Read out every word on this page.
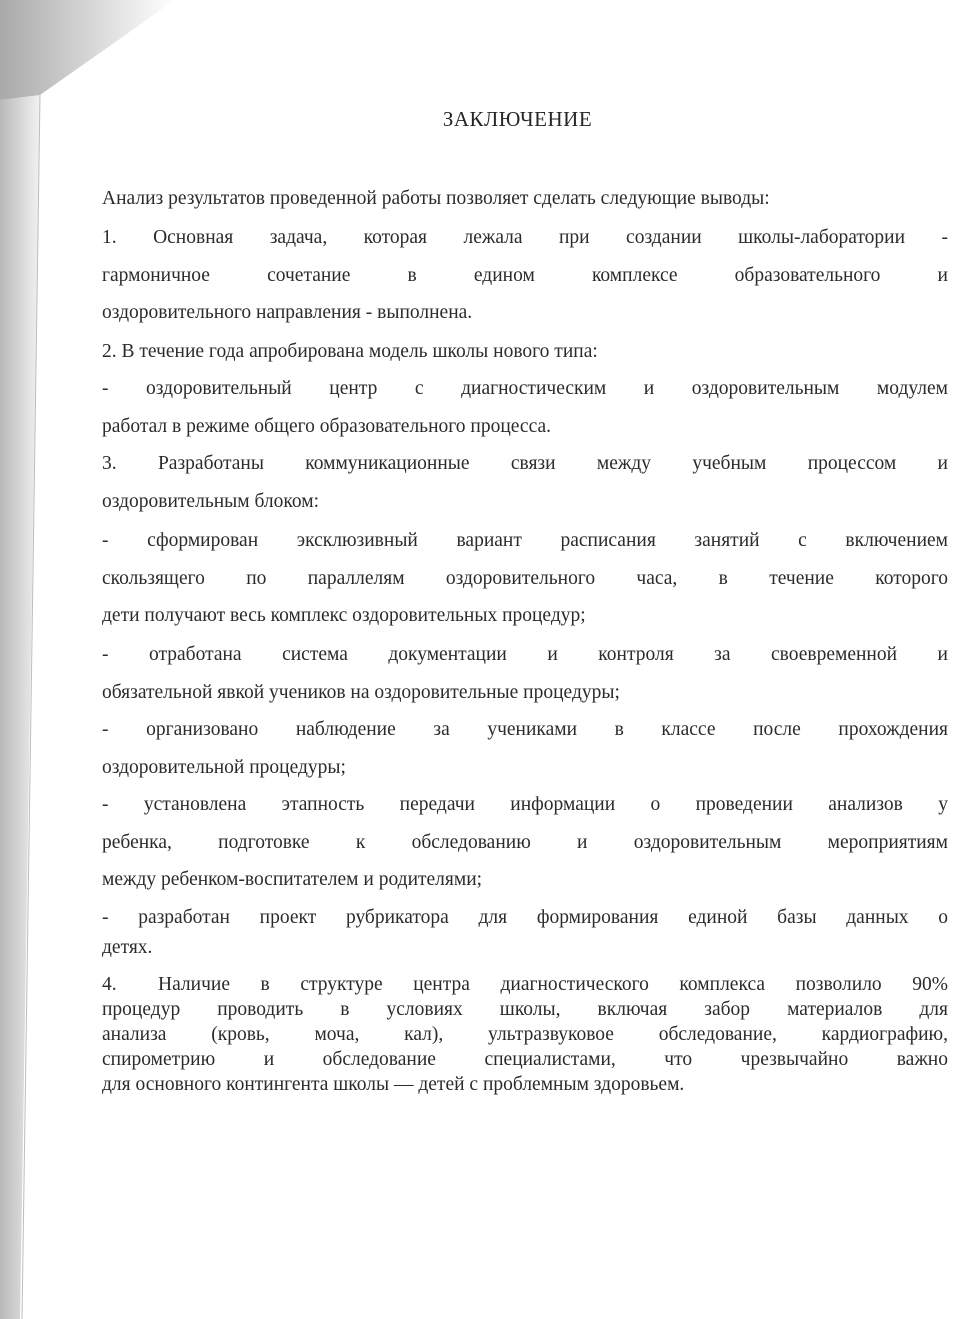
ЗАКЛЮЧЕНИЕ
Анализ результатов проведенной работы позволяет сделать следующие выводы:
1. Основная задача, которая лежала при создании школы-лаборатории -
гармоничное сочетание в едином комплексе образовательного и
оздоровительного направления - выполнена.
2. В течение года апробирована модель школы нового типа:
- оздоровительный центр с диагностическим и оздоровительным модулем
работал в режиме общего образовательного процесса.
3. Разработаны коммуникационные связи между учебным процессом и
оздоровительным блоком:
- сформирован эксклюзивный вариант расписания занятий с включением
скользящего по параллелям оздоровительного часа, в течение которого
дети получают весь комплекс оздоровительных процедур;
- отработана система документации и контроля за своевременной и
обязательной явкой учеников на оздоровительные процедуры;
- организовано наблюдение за учениками в классе после прохождения
оздоровительной процедуры;
- установлена этапность передачи информации о проведении анализов у
ребенка, подготовке к обследованию и оздоровительным мероприятиям
между ребенком-воспитателем и родителями;
- разработан проект рубрикатора для формирования единой базы данных о
детях.
4. Наличие в структуре центра диагностического комплекса позволило 90%
процедур проводить в условиях школы, включая забор материалов для
анализа (кровь, моча, кал), ультразвуковое обследование, кардиографию,
спирометрию и обследование специалистами, что чрезвычайно важно
для основного контингента школы — детей с проблемным здоровьем.
